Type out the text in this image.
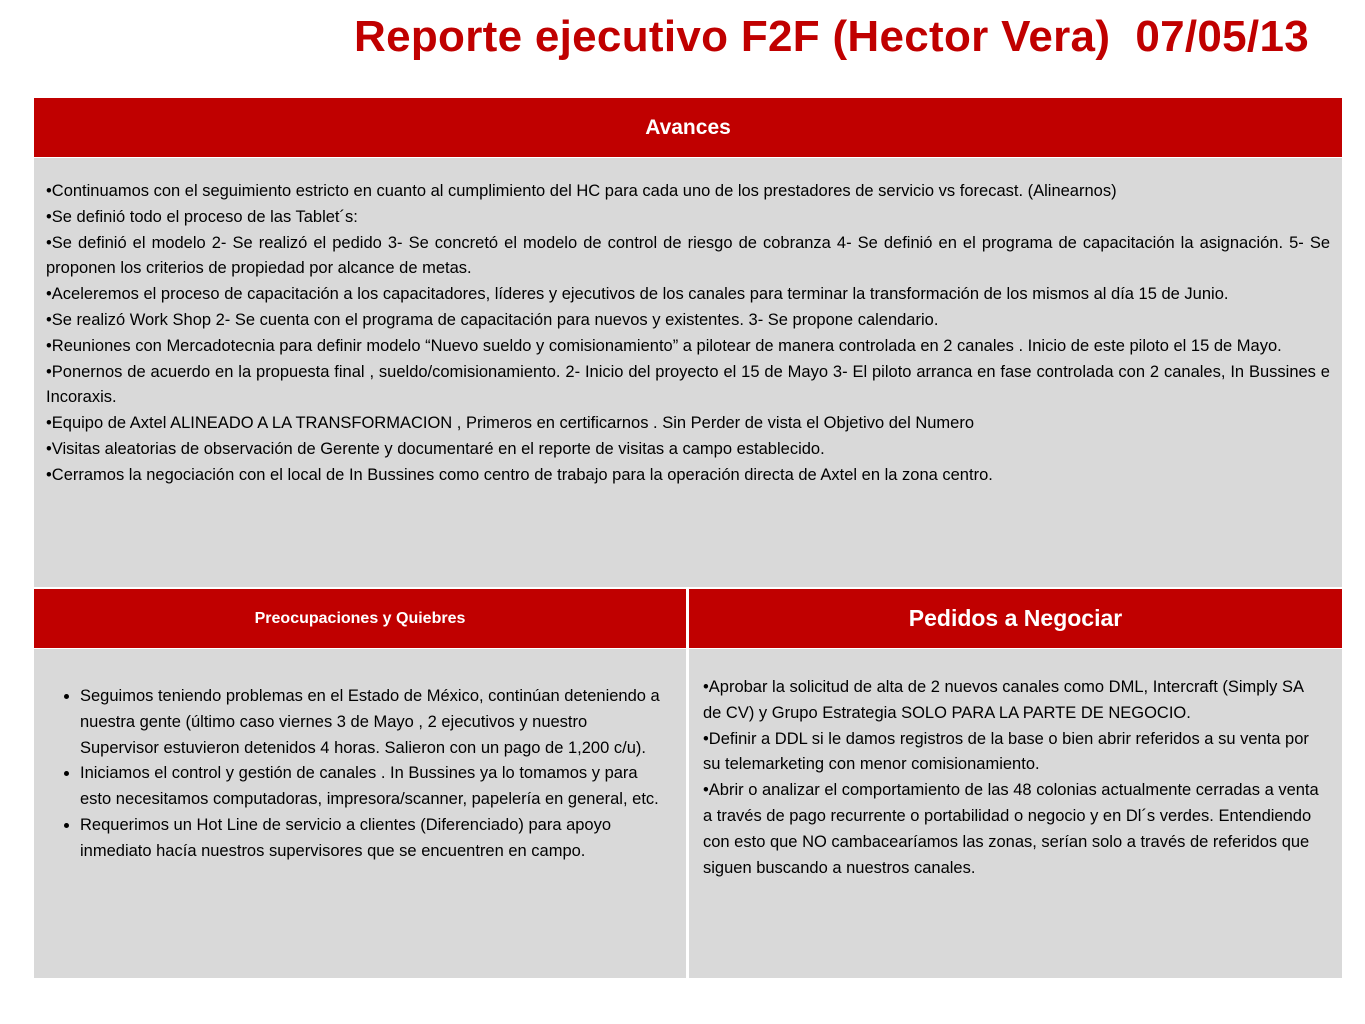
Reporte ejecutivo F2F (Hector Vera)  07/05/13
Avances

•Continuamos con el seguimiento estricto en cuanto al cumplimiento del HC para cada uno de los prestadores de servicio vs forecast. (Alinearnos)

•Se definió todo el proceso de las Tablet´s:

•Se definió el modelo 2- Se realizó el pedido 3- Se concretó el modelo de control de riesgo de cobranza 4- Se definió en el programa de capacitación la asignación. 5- Se proponen los criterios de propiedad por alcance de metas.

•Aceleremos el proceso de capacitación a los capacitadores, líderes y ejecutivos de los canales para terminar la transformación de los mismos al día 15 de Junio.

•Se realizó Work Shop 2- Se cuenta con el programa de capacitación para nuevos y existentes. 3- Se propone calendario.

•Reuniones con Mercadotecnia para definir modelo “Nuevo sueldo y comisionamiento” a pilotear de manera controlada en 2 canales . Inicio de este piloto el 15 de Mayo.

•Ponernos de acuerdo en la propuesta final , sueldo/comisionamiento. 2- Inicio del proyecto el 15 de Mayo 3- El piloto arranca en fase controlada con 2 canales, In Bussines e Incoraxis.

•Equipo de Axtel ALINEADO A LA TRANSFORMACION , Primeros en certificarnos . Sin Perder de vista el Objetivo del Numero

•Visitas aleatorias de observación de Gerente y documentaré en el reporte de visitas a campo establecido.

•Cerramos la negociación con el local de In Bussines como centro de trabajo para la operación directa de Axtel en la zona centro.

Preocupaciones y Quiebres
• Seguimos teniendo problemas en el Estado de México, continúan deteniendo a nuestra gente (último caso viernes 3 de Mayo , 2 ejecutivos y nuestro Supervisor estuvieron detenidos 4 horas. Salieron con un pago de 1,200 c/u).
• Iniciamos el control y gestión de canales . In Bussines ya lo tomamos y para esto necesitamos computadoras, impresora/scanner, papelería en general, etc.
• Requerimos un Hot Line de servicio a clientes (Diferenciado) para apoyo inmediato hacía nuestros supervisores que se encuentren en campo.
Pedidos a Negociar

•Aprobar la solicitud de alta de 2 nuevos canales como DML, Intercraft (Simply SA de CV) y Grupo Estrategia SOLO PARA LA PARTE DE NEGOCIO.

•Definir a DDL si le damos registros de la base o bien abrir referidos a su venta por su telemarketing con menor comisionamiento.

•Abrir o analizar el comportamiento de las 48 colonias actualmente cerradas a venta a través de pago recurrente o portabilidad o negocio y en Dl´s verdes. Entendiendo con esto que NO cambacearíamos las zonas, serían solo a través de referidos que siguen buscando a nuestros canales.
